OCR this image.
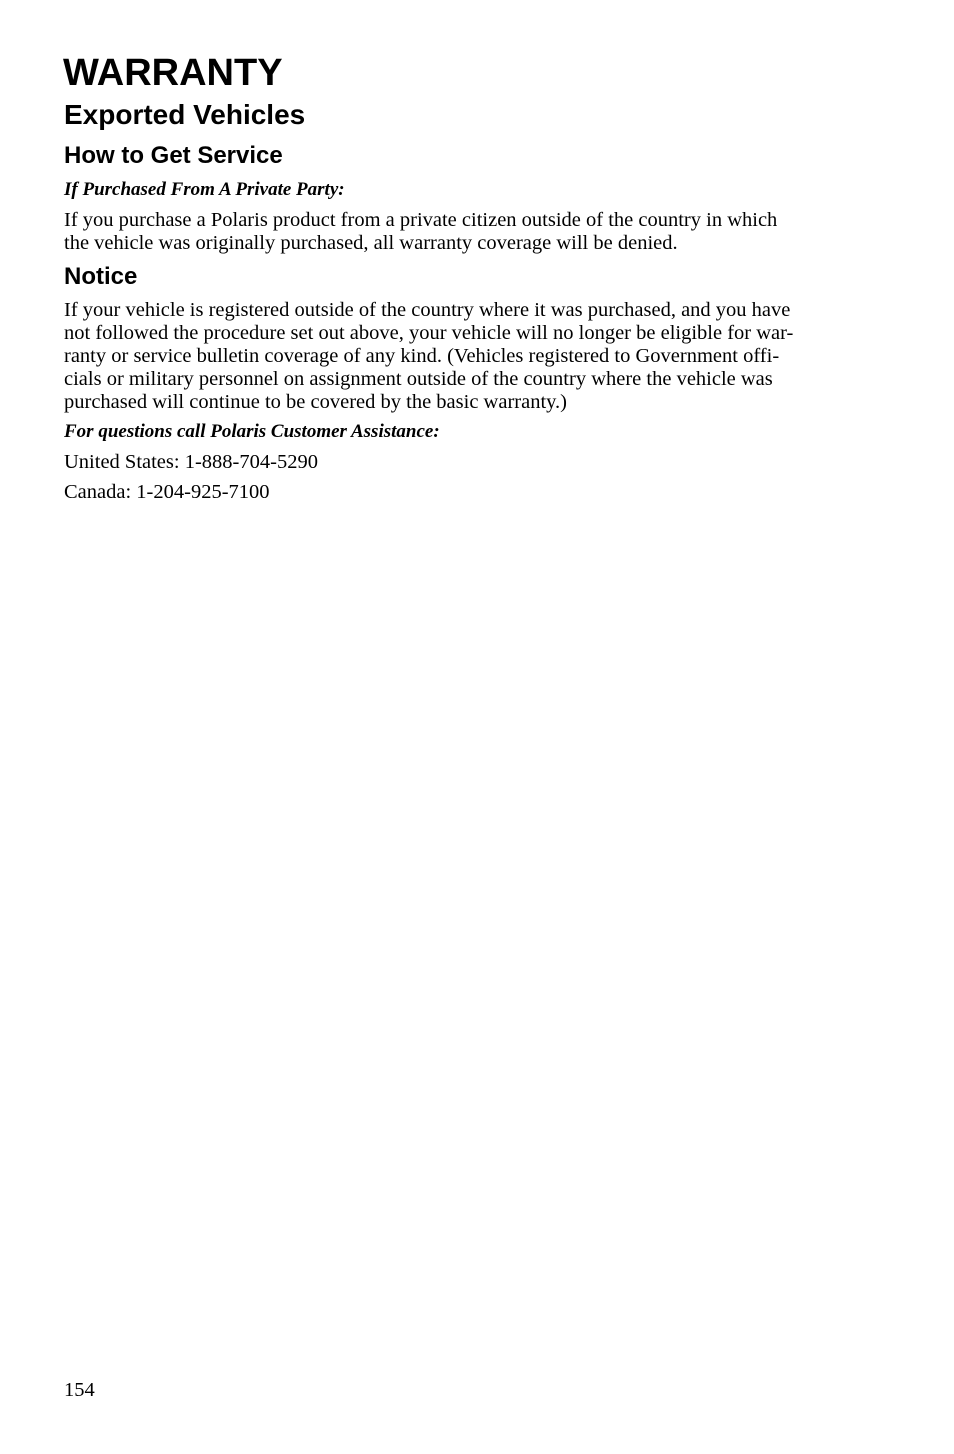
WARRANTY
Exported Vehicles
How to Get Service
If Purchased From A Private Party:
If you purchase a Polaris product from a private citizen outside of the country in which
the vehicle was originally purchased, all warranty coverage will be denied.
Notice
If your vehicle is registered outside of the country where it was purchased, and you have
not followed the procedure set out above, your vehicle will no longer be eligible for war-
ranty or service bulletin coverage of any kind. (Vehicles registered to Government offi-
cials or military personnel on assignment outside of the country where the vehicle was
purchased will continue to be covered by the basic warranty.)
For questions call Polaris Customer Assistance:
United States: 1-888-704-5290
Canada: 1-204-925-7100
154
